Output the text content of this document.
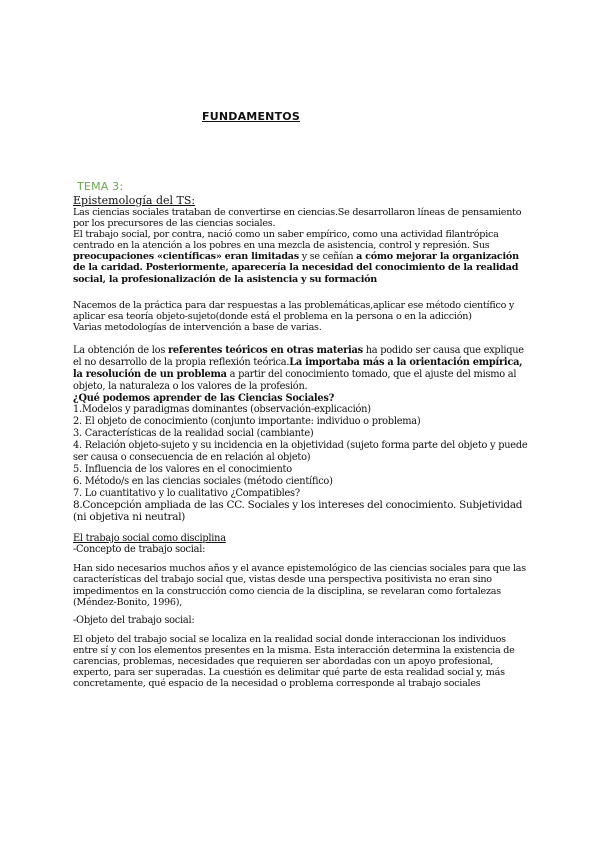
FUNDAMENTOS
TEMA 3:

Epistemología del TS:

Las ciencias sociales trataban de convertirse en ciencias.Se desarrollaron líneas de pensamiento por los precursores de las ciencias sociales.

El trabajo social, por contra, nació como un saber empírico, como una actividad filantrópica centrado en la atención a los pobres en una mezcla de asistencia, control y represión. Sus preocupaciones «científicas» eran limitadas y se ceñían a cómo mejorar la organización de la caridad. Posteriormente, aparecería la necesidad del conocimiento de la realidad social, la profesionalización de la asistencia y su formación

Nacemos de la práctica para dar respuestas a las problemáticas,aplicar ese método científico y aplicar esa teoría objeto-sujeto(donde está el problema en la persona o en la adicción)

Varias metodologías de intervención a base de varias.

La obtención de los referentes teóricos en otras materias ha podido ser causa que explique el no desarrollo de la propia reflexión teórica.La importaba más a la orientación empírica, la resolución de un problema a partir del conocimiento tomado, que el ajuste del mismo al objeto, la naturaleza o los valores de la profesión.

¿Qué podemos aprender de las Ciencias Sociales?

1.Modelos y paradigmas dominantes (observación-explicación)

2. El objeto de conocimiento (conjunto importante: individuo o problema)

3. Características de la realidad social (cambiante)

4. Relación objeto-sujeto y su incidencia en la objetividad (sujeto forma parte del objeto y puede ser causa o consecuencia de en relación al objeto)

5. Influencia de los valores en el conocimiento

6. Método/s en las ciencias sociales (método científico)

7. Lo cuantitativo y lo cualitativo ¿Compatibles?

8.Concepción ampliada de las CC. Sociales y los intereses del conocimiento. Subjetividad (ni objetiva ni neutral)

El trabajo social como disciplina

-Concepto de trabajo social:

Han sido necesarios muchos años y el avance epistemológico de las ciencias sociales para que las características del trabajo social que, vistas desde una perspectiva positivista no eran sino impedimentos en la construcción como ciencia de la disciplina, se revelaran como fortalezas (Méndez-Bonito, 1996),

-Objeto del trabajo social:

El objeto del trabajo social se localiza en la realidad social donde interaccionan los individuos entre sí y con los elementos presentes en la misma. Esta interacción determina la existencia de carencias, problemas, necesidades que requieren ser abordadas con un apoyo profesional, experto, para ser superadas. La cuestión es delimitar qué parte de esta realidad social y, más concretamente, qué espacio de la necesidad o problema corresponde al trabajo sociales
